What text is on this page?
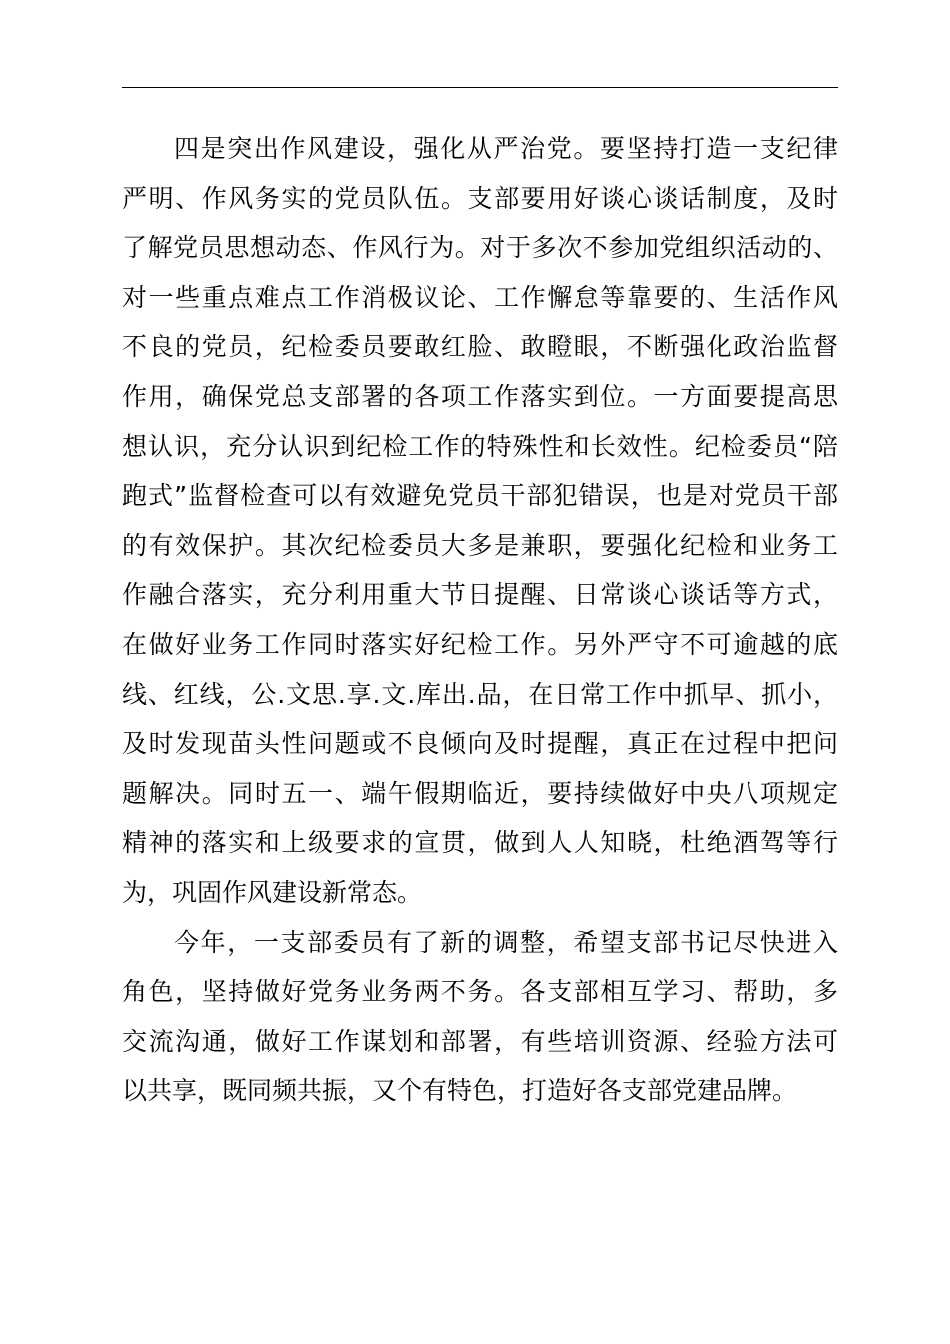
四是突出作风建设，强化从严治党。要坚持打造一支纪律
严明、作风务实的党员队伍。支部要用好谈心谈话制度，及时
了解党员思想动态、作风行为。对于多次不参加党组织活动的、
对一些重点难点工作消极议论、工作懈怠等靠要的、生活作风
不良的党员，纪检委员要敢红脸、敢瞪眼，不断强化政治监督
作用，确保党总支部署的各项工作落实到位。一方面要提高思
想认识，充分认识到纪检工作的特殊性和长效性。纪检委员“陪
跑式”监督检查可以有效避免党员干部犯错误，也是对党员干部
的有效保护。其次纪检委员大多是兼职，要强化纪检和业务工
作融合落实，充分利用重大节日提醒、日常谈心谈话等方式，
在做好业务工作同时落实好纪检工作。另外严守不可逾越的底
线、红线，公.文思.享.文.库出.品，在日常工作中抓早、抓小，
及时发现苗头性问题或不良倾向及时提醒，真正在过程中把问
题解决。同时五一、端午假期临近，要持续做好中央八项规定
精神的落实和上级要求的宣贯，做到人人知晓，杜绝酒驾等行
为，巩固作风建设新常态。
今年，一支部委员有了新的调整，希望支部书记尽快进入
角色，坚持做好党务业务两不务。各支部相互学习、帮助，多
交流沟通，做好工作谋划和部署，有些培训资源、经验方法可
以共享，既同频共振，又个有特色，打造好各支部党建品牌。
